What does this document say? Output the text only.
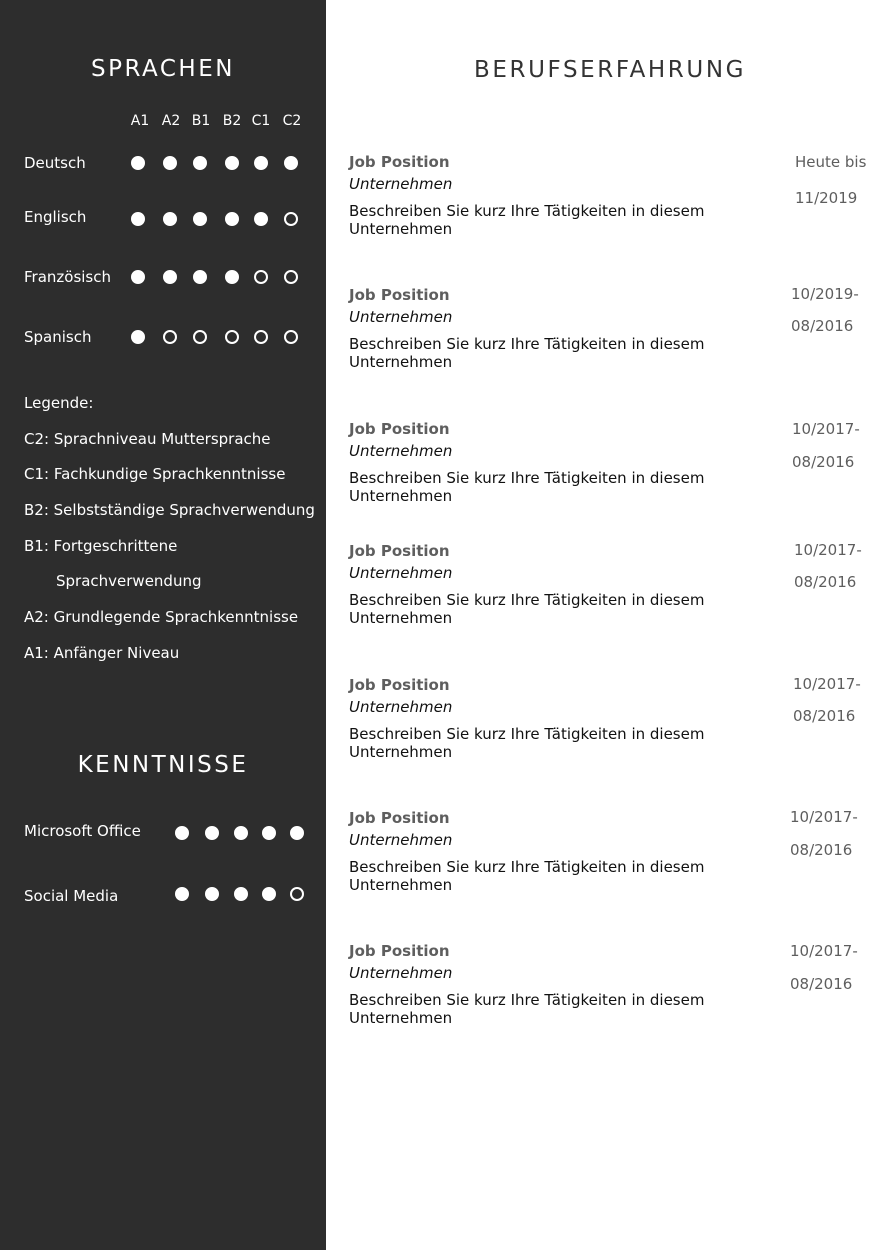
SPRACHEN
A1 A2 B1 B2 C1 C2
Deutsch
Englisch
Französisch
Spanisch
Legende:
C2: Sprachniveau Muttersprache
C1: Fachkundige Sprachkenntnisse
B2: Selbstständige Sprachverwendung
B1: Fortgeschrittene
Sprachverwendung
A2: Grundlegende Sprachkenntnisse
A1: Anfänger Niveau
KENNTNISSE
Microsoft Office
Social Media
BERUFSERFAHRUNG
Job Position
Unternehmen
Beschreiben Sie kurz Ihre Tätigkeiten in diesem Unternehmen
Heute bis
11/2019
Job Position
Unternehmen
Beschreiben Sie kurz Ihre Tätigkeiten in diesem Unternehmen
10/2019-
08/2016
Job Position
Unternehmen
Beschreiben Sie kurz Ihre Tätigkeiten in diesem Unternehmen
10/2017-
08/2016
Job Position
Unternehmen
Beschreiben Sie kurz Ihre Tätigkeiten in diesem Unternehmen
10/2017-
08/2016
Job Position
Unternehmen
Beschreiben Sie kurz Ihre Tätigkeiten in diesem Unternehmen
10/2017-
08/2016
Job Position
Unternehmen
Beschreiben Sie kurz Ihre Tätigkeiten in diesem Unternehmen
10/2017-
08/2016
Job Position
Unternehmen
Beschreiben Sie kurz Ihre Tätigkeiten in diesem Unternehmen
10/2017-
08/2016
